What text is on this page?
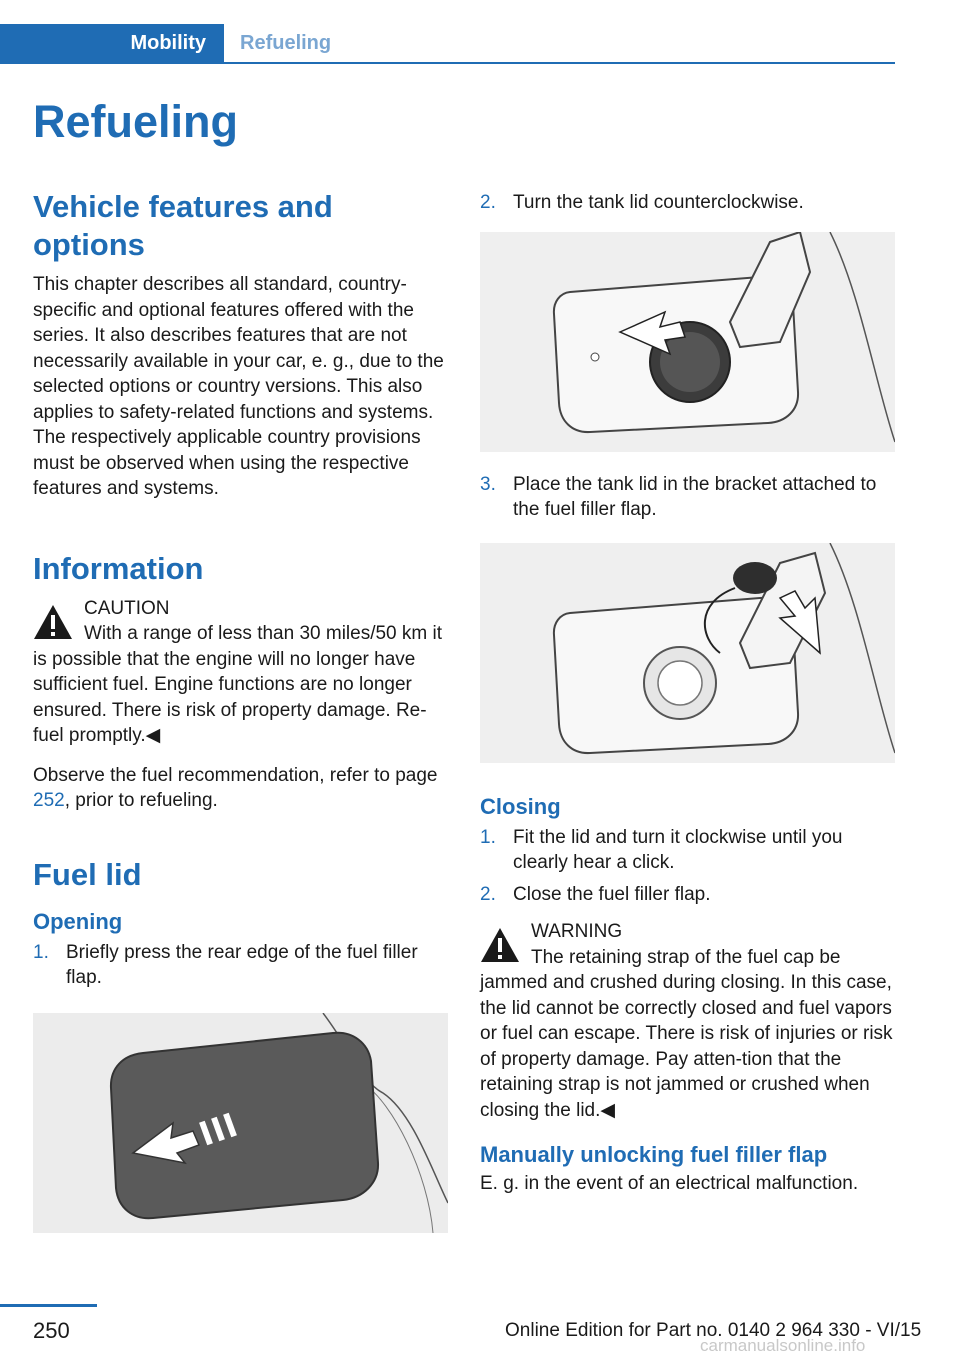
Mobility	Refueling
Refueling
Vehicle features and options

This chapter describes all standard, country-specific and optional features offered with the series. It also describes features that are not necessarily available in your car, e. g., due to the selected options or country versions. This also applies to safety-related functions and systems. The respectively applicable country provisions must be observed when using the respective features and systems.

Information
CAUTION
With a range of less than 30 miles/50 km it is possible that the engine will no longer have sufficient fuel. Engine functions are no longer ensured. There is risk of property damage. Re‐fuel promptly.◀

Observe the fuel recommendation, refer to page 252, prior to refueling.

Fuel lid
Opening
1. Briefly press the rear edge of the fuel filler flap.
2. Turn the tank lid counterclockwise.
3. Place the tank lid in the bracket attached to the fuel filler flap.
Closing
1. Fit the lid and turn it clockwise until you clearly hear a click.
2. Close the fuel filler flap.
WARNING
The retaining strap of the fuel cap be jammed and crushed during closing. In this case, the lid cannot be correctly closed and fuel vapors or fuel can escape. There is risk of injuries or risk of property damage. Pay atten‐tion that the retaining strap is not jammed or crushed when closing the lid.◀
Manually unlocking fuel filler flap

E. g. in the event of an electrical malfunction.

250	Online Edition for Part no. 0140 2 964 330 - VI/15
carmanualsonline.info
